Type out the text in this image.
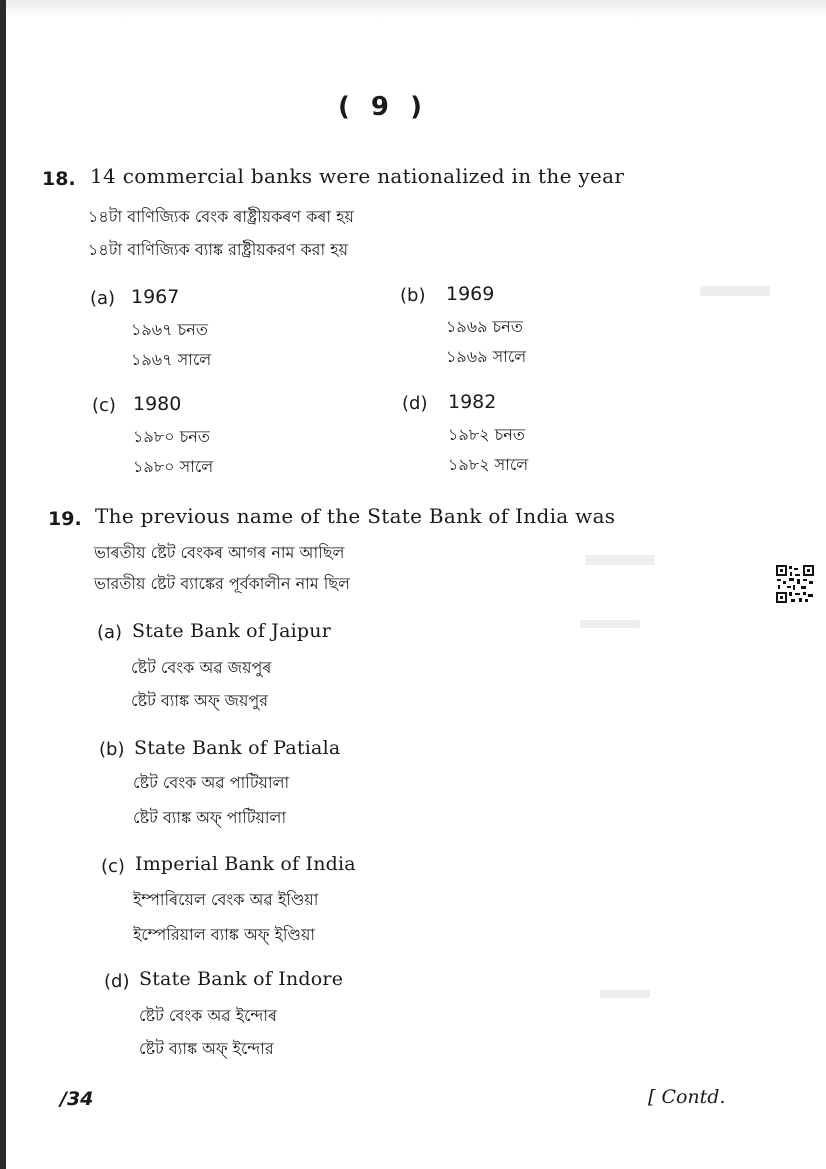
( 9 )
18. 14 commercial banks were nationalized in the year
১৪টা বাণিজ্যিক বেংক ৰাষ্ট্ৰীয়কৰণ কৰা হয়
১৪টা বাণিজ্যিক ব্যাঙ্ক রাষ্ট্রীয়করণ করা হয়
(a) 1967
১৯৬৭ চনত
১৯৬৭ সালে
(b) 1969
১৯৬৯ চনত
১৯৬৯ সালে
(c) 1980
১৯৮০ চনত
১৯৮০ সালে
(d) 1982
১৯৮২ চনত
১৯৮২ সালে
19. The previous name of the State Bank of India was
ভাৰতীয় ষ্টেট বেংকৰ আগৰ নাম আছিল
ভারতীয় ষ্টেট ব্যাঙ্কের পূর্বকালীন নাম ছিল
(a) State Bank of Jaipur
ষ্টেট বেংক অৱ জয়পুৰ
ষ্টেট ব্যাঙ্ক অফ্ জয়পুর
(b) State Bank of Patiala
ষ্টেট বেংক অৱ পাটিয়ালা
ষ্টেট ব্যাঙ্ক অফ্ পাটিয়ালা
(c) Imperial Bank of India
ইম্পাৰিয়েল বেংক অৱ ইণ্ডিয়া
ইম্পেরিয়াল ব্যাঙ্ক অফ্ ইণ্ডিয়া
(d) State Bank of Indore
ষ্টেট বেংক অৱ ইন্দোৰ
ষ্টেট ব্যাঙ্ক অফ্ ইন্দোর
/34	[ Contd.
